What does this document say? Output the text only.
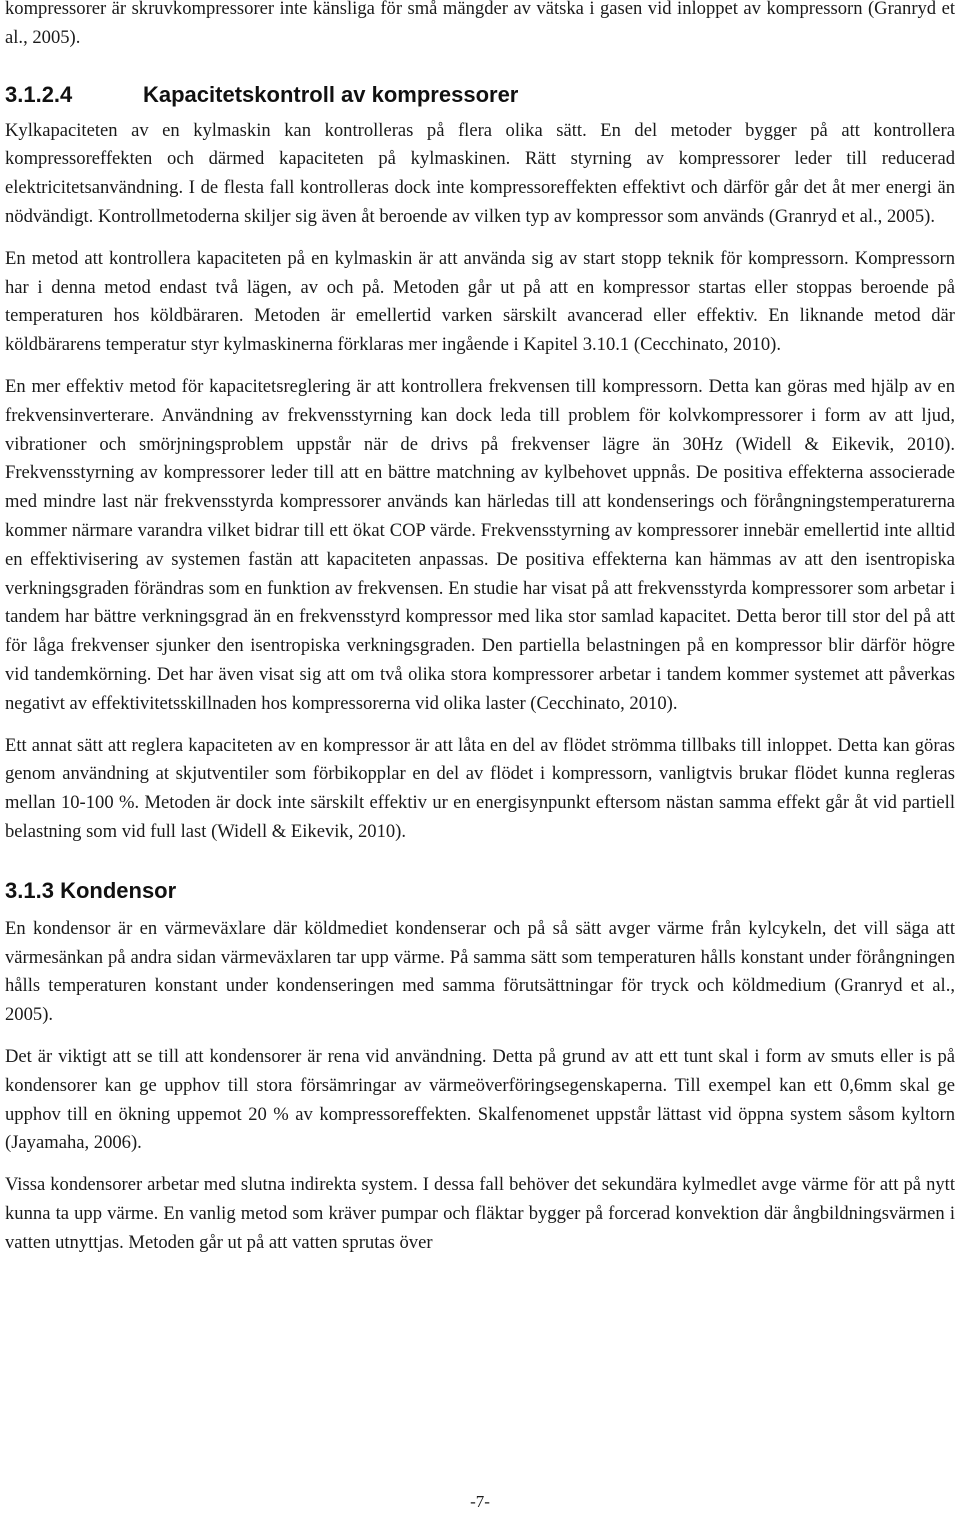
kompressorer är skruvkompressorer inte känsliga för små mängder av vätska i gasen vid inloppet av kompressorn (Granryd et al., 2005).

3.1.2.4	Kapacitetskontroll av kompressorer

Kylkapaciteten av en kylmaskin kan kontrolleras på flera olika sätt. En del metoder bygger på att kontrollera kompressoreffekten och därmed kapaciteten på kylmaskinen. Rätt styrning av kompressorer leder till reducerad elektricitetsanvändning. I de flesta fall kontrolleras dock inte kompressoreffekten effektivt och därför går det åt mer energi än nödvändigt. Kontrollmetoderna skiljer sig även åt beroende av vilken typ av kompressor som används (Granryd et al., 2005).

En metod att kontrollera kapaciteten på en kylmaskin är att använda sig av start stopp teknik för kompressorn. Kompressorn har i denna metod endast två lägen, av och på. Metoden går ut på att en kompressor startas eller stoppas beroende på temperaturen hos köldbäraren. Metoden är emellertid varken särskilt avancerad eller effektiv. En liknande metod där köldbärarens temperatur styr kylmaskinerna förklaras mer ingående i Kapitel 3.10.1 (Cecchinato, 2010).

En mer effektiv metod för kapacitetsreglering är att kontrollera frekvensen till kompressorn. Detta kan göras med hjälp av en frekvensinverterare. Användning av frekvensstyrning kan dock leda till problem för kolvkompressorer i form av att ljud, vibrationer och smörjningsproblem uppstår när de drivs på frekvenser lägre än 30Hz (Widell & Eikevik, 2010). Frekvensstyrning av kompressorer leder till att en bättre matchning av kylbehovet uppnås. De positiva effekterna associerade med mindre last när frekvensstyrda kompressorer används kan härledas till att kondenserings och förångningstemperaturerna kommer närmare varandra vilket bidrar till ett ökat COP värde. Frekvensstyrning av kompressorer innebär emellertid inte alltid en effektivisering av systemen fastän att kapaciteten anpassas. De positiva effekterna kan hämmas av att den isentropiska verkningsgraden förändras som en funktion av frekvensen. En studie har visat på att frekvensstyrda kompressorer som arbetar i tandem har bättre verkningsgrad än en frekvensstyrd kompressor med lika stor samlad kapacitet. Detta beror till stor del på att för låga frekvenser sjunker den isentropiska verkningsgraden. Den partiella belastningen på en kompressor blir därför högre vid tandemkörning. Det har även visat sig att om två olika stora kompressorer arbetar i tandem kommer systemet att påverkas negativt av effektivitetsskillnaden hos kompressorerna vid olika laster (Cecchinato, 2010).

Ett annat sätt att reglera kapaciteten av en kompressor är att låta en del av flödet strömma tillbaks till inloppet. Detta kan göras genom användning at skjutventiler som förbikopplar en del av flödet i kompressorn, vanligtvis brukar flödet kunna regleras mellan 10-100 %. Metoden är dock inte särskilt effektiv ur en energisynpunkt eftersom nästan samma effekt går åt vid partiell belastning som vid full last (Widell & Eikevik, 2010).

3.1.3 Kondensor

En kondensor är en värmeväxlare där köldmediet kondenserar och på så sätt avger värme från kylcykeln, det vill säga att värmesänkan på andra sidan värmeväxlaren tar upp värme. På samma sätt som temperaturen hålls konstant under förångningen hålls temperaturen konstant under kondenseringen med samma förutsättningar för tryck och köldmedium (Granryd et al., 2005).

Det är viktigt att se till att kondensorer är rena vid användning. Detta på grund av att ett tunt skal i form av smuts eller is på kondensorer kan ge upphov till stora försämringar av värmeöverföringsegenskaperna. Till exempel kan ett 0,6mm skal ge upphov till en ökning uppemot 20 % av kompressoreffekten. Skalfenomenet uppstår lättast vid öppna system såsom kyltorn (Jayamaha, 2006).

Vissa kondensorer arbetar med slutna indirekta system. I dessa fall behöver det sekundära kylmedlet avge värme för att på nytt kunna ta upp värme. En vanlig metod som kräver pumpar och fläktar bygger på forcerad konvektion där ångbildningsvärmen i vatten utnyttjas. Metoden går ut på att vatten sprutas över

-7-
